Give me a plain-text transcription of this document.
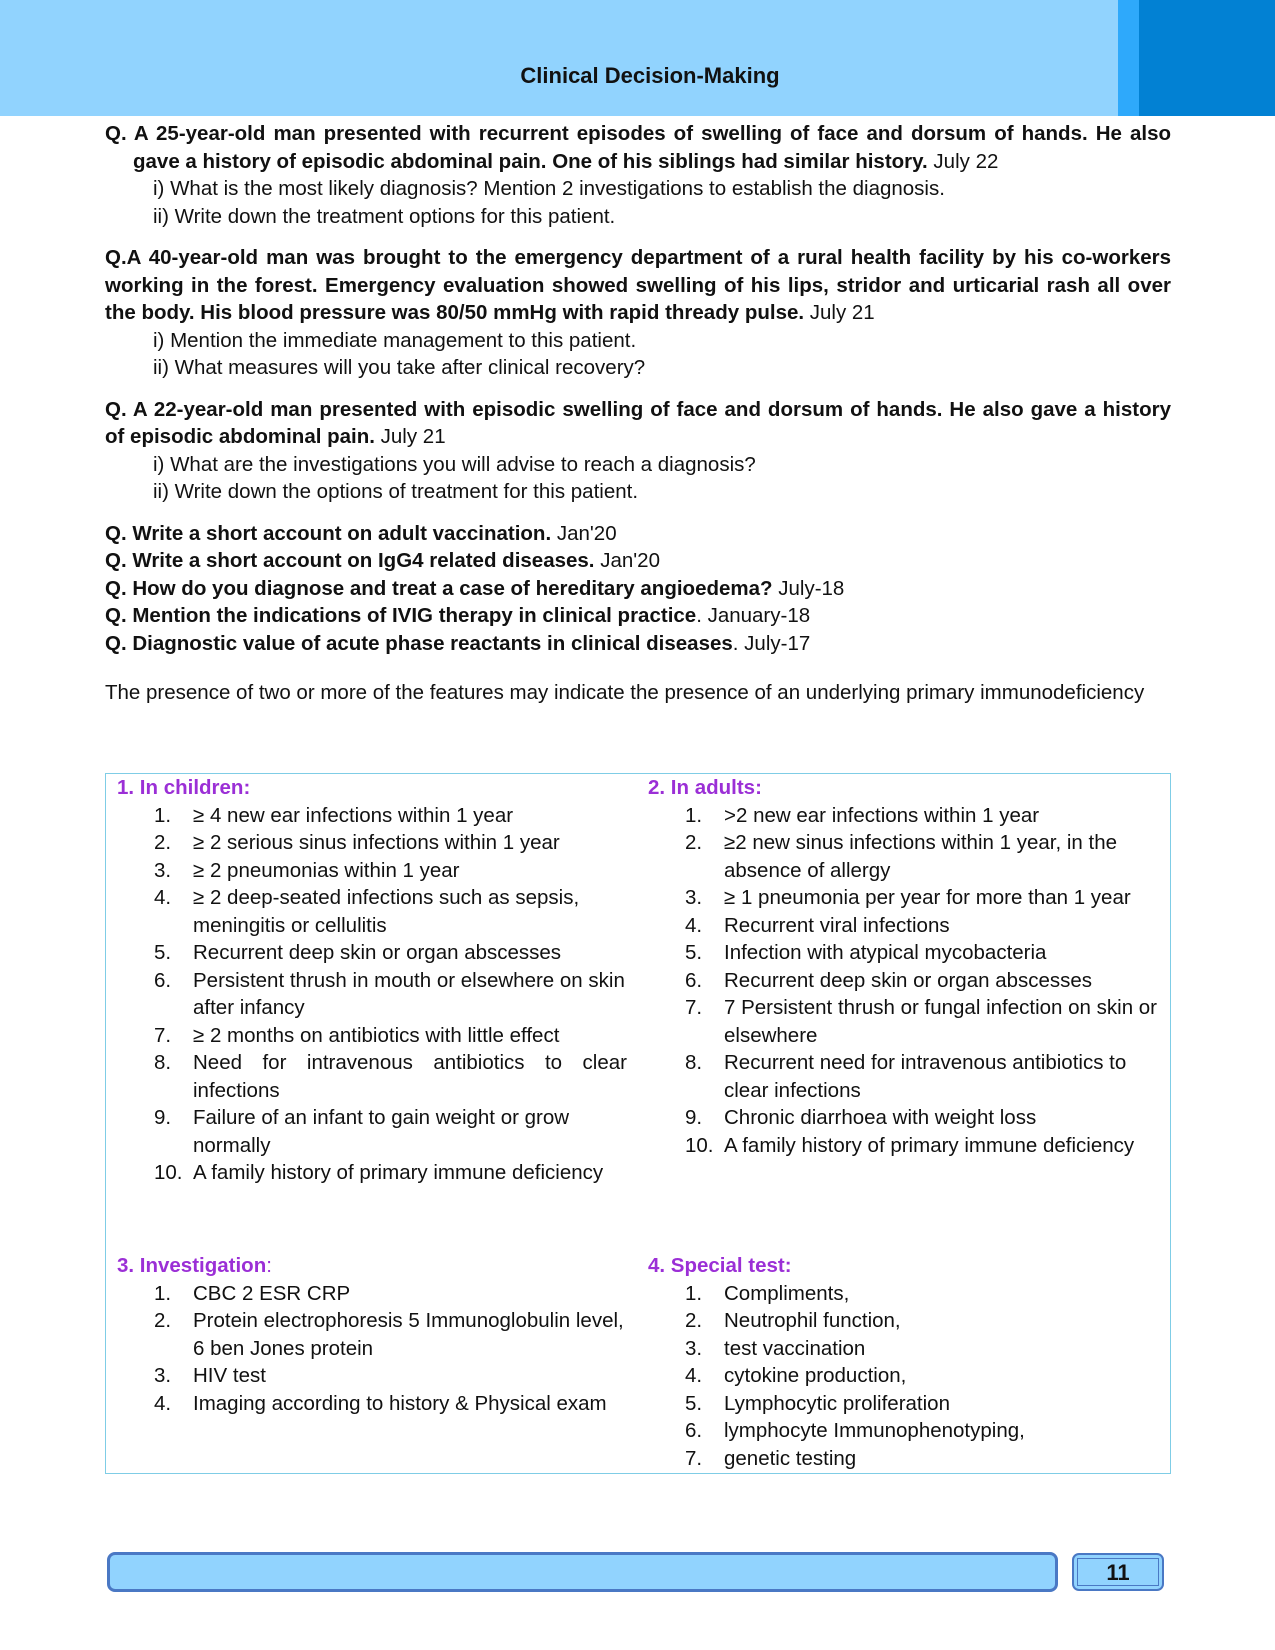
Clinical Decision-Making
Q. A 25-year-old man presented with recurrent episodes of swelling of face and dorsum of hands. He also gave a history of episodic abdominal pain. One of his siblings had similar history. July 22
i) What is the most likely diagnosis? Mention 2 investigations to establish the diagnosis.
ii) Write down the treatment options for this patient.
Q.A 40-year-old man was brought to the emergency department of a rural health facility by his co-workers working in the forest. Emergency evaluation showed swelling of his lips, stridor and urticarial rash all over the body. His blood pressure was 80/50 mmHg with rapid thready pulse. July 21
i) Mention the immediate management to this patient.
ii) What measures will you take after clinical recovery?
Q. A 22-year-old man presented with episodic swelling of face and dorsum of hands. He also gave a history of episodic abdominal pain. July 21
i) What are the investigations you will advise to reach a diagnosis?
ii) Write down the options of treatment for this patient.
Q. Write a short account on adult vaccination. Jan'20
Q. Write a short account on IgG4 related diseases. Jan'20
Q. How do you diagnose and treat a case of hereditary angioedema? July-18
Q. Mention the indications of IVIG therapy in clinical practice. January-18
Q. Diagnostic value of acute phase reactants in clinical diseases. July-17
The presence of two or more of the features may indicate the presence of an underlying primary immunodeficiency
1. In children:
1. ≥ 4 new ear infections within 1 year
2. ≥ 2 serious sinus infections within 1 year
3. ≥ 2 pneumonias within 1 year
4. ≥ 2 deep-seated infections such as sepsis, meningitis or cellulitis
5. Recurrent deep skin or organ abscesses
6. Persistent thrush in mouth or elsewhere on skin after infancy
7. ≥ 2 months on antibiotics with little effect
8. Need for intravenous antibiotics to clear infections
9. Failure of an infant to gain weight or grow normally
10. A family history of primary immune deficiency
3. Investigation:
1. CBC 2 ESR CRP
2. Protein electrophoresis 5 Immunoglobulin level, 6 ben Jones protein
3. HIV test
4. Imaging according to history & Physical exam
2. In adults:
1. >2 new ear infections within 1 year
2. ≥2 new sinus infections within 1 year, in the absence of allergy
3. ≥ 1 pneumonia per year for more than 1 year
4. Recurrent viral infections
5. Infection with atypical mycobacteria
6. Recurrent deep skin or organ abscesses
7. 7 Persistent thrush or fungal infection on skin or elsewhere
8. Recurrent need for intravenous antibiotics to clear infections
9. Chronic diarrhoea with weight loss
10. A family history of primary immune deficiency
4. Special test:
1. Compliments,
2. Neutrophil function,
3. test vaccination
4. cytokine production,
5. Lymphocytic proliferation
6. lymphocyte Immunophenotyping,
7. genetic testing
11
